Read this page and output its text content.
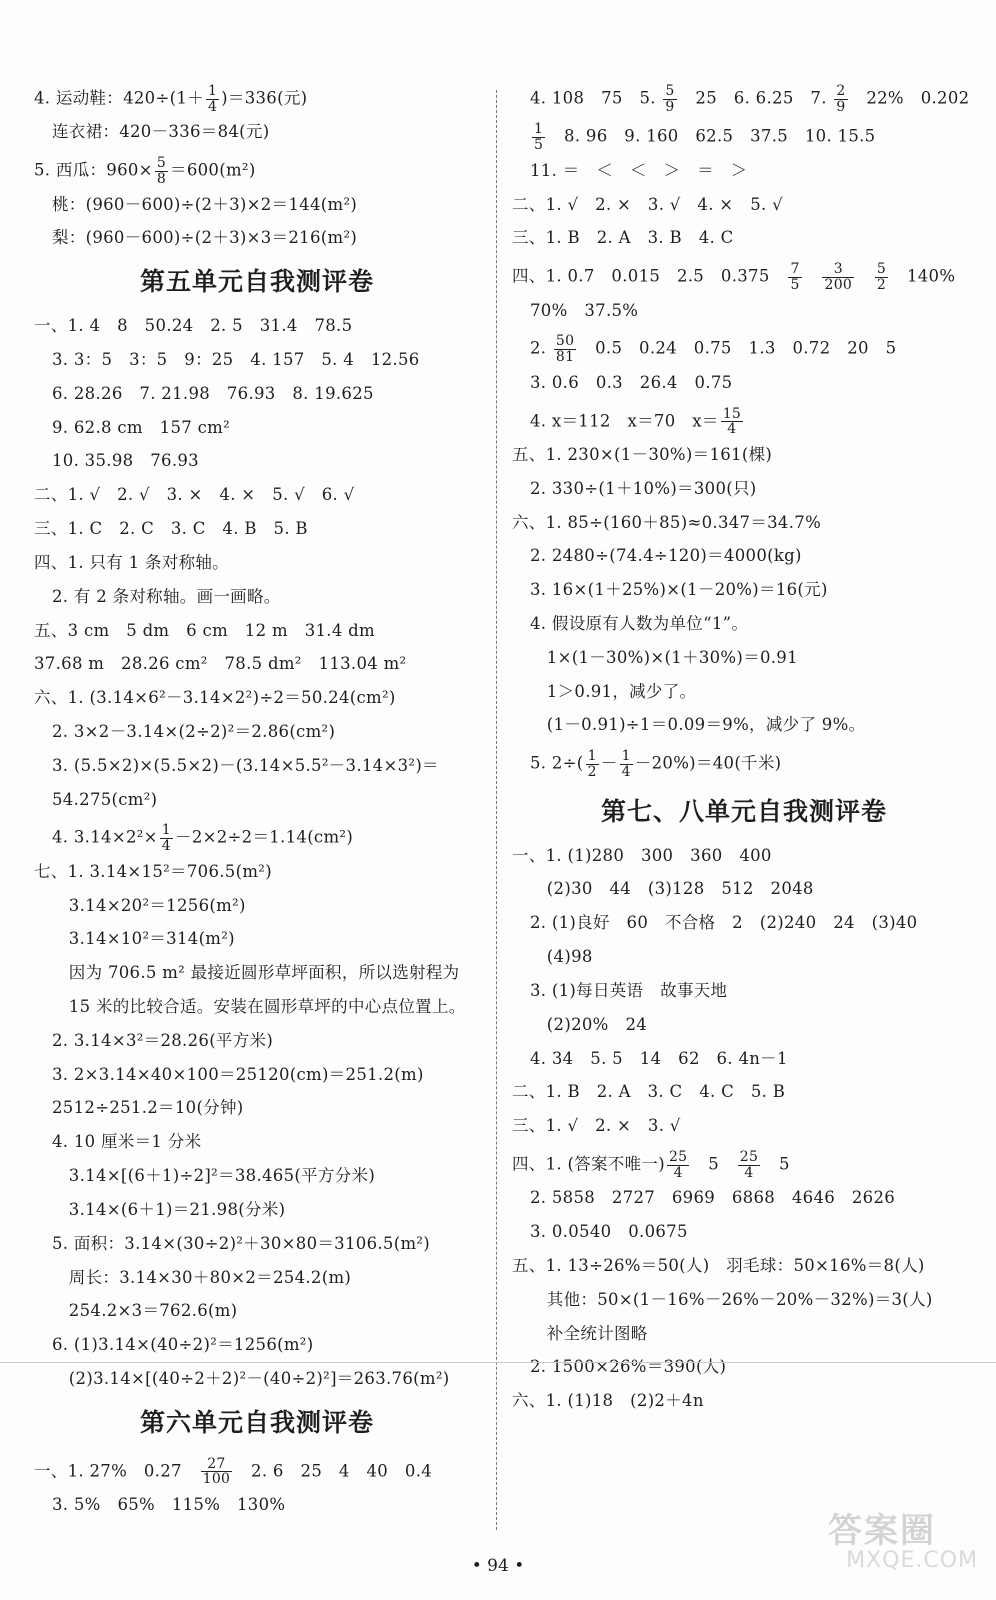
4. 运动鞋：$420\div(1+ \frac{1}{4} )=336$(元)
连衣裙：420－336＝84(元)
5. 西瓜：$960\times \frac{5}{8} =600(m^2)$
桃：(960－600)÷(2＋3)×2＝144(m²)
梨：(960－600)÷(2＋3)×3＝216(m²)
第五单元自我测评卷
一、1. 4　8　50.24　2. 5　31.4　78.5
3. 3：5　3：5　9：25　4. 157　5. 4　12.56
6. 28.26　7. 21.98　76.93　8. 19.625
9. 62.8 cm　157 cm²
10. 35.98　76.93
二、1. √　2. √　3. ×　4. ×　5. √　6. √
三、1. C　2. C　3. C　4. B　5. B
四、1. 只有 1 条对称轴。
2. 有 2 条对称轴。画一画略。
五、3 cm　5 dm　6 cm　12 m　31.4 dm
37.68 m　28.26 cm²　78.5 dm²　113.04 m²
六、1. (3.14×6²－3.14×2²)÷2＝50.24(cm²)
2. 3×2－3.14×(2÷2)²＝2.86(cm²)
3. (5.5×2)×(5.5×2)－(3.14×5.5²－3.14×3²)＝
54.275(cm²)
4. $3.14\times 2^2\times \frac{1}{4} -2\times 2\div 2=1.14(cm^2)$
七、1. 3.14×15²＝706.5(m²)
　3.14×20²＝1256(m²)
　3.14×10²＝314(m²)
　因为 706.5 m² 最接近圆形草坪面积，所以选射程为
　15 米的比较合适。安装在圆形草坪的中心点位置上。
2. 3.14×3²＝28.26(平方米)
3. 2×3.14×40×100＝25120(cm)＝251.2(m)
2512÷251.2＝10(分钟)
4. 10 厘米＝1 分米
　3.14×[(6＋1)÷2]²＝38.465(平方分米)
　3.14×(6＋1)＝21.98(分米)
5. 面积：3.14×(30÷2)²＋30×80＝3106.5(m²)
　周长：3.14×30＋80×2＝254.2(m)
　254.2×3＝762.6(m)
6. (1)3.14×(40÷2)²＝1256(m²)
　(2)3.14×[(40÷2＋2)²－(40÷2)²]＝263.76(m²)
第六单元自我测评卷
一、1. 27%　0.27　 $\frac{27}{100}$ 　2. 6　25　4　40　0.4
3. 5%　65%　115%　130%
4. 108　75　5. $\frac{5}{9}$ 　25　6. 6.25　7. $\frac{2}{9}$ 　22%　0.202
$\frac{1}{5}$ 　8. 96　9. 160　62.5　37.5　10. 15.5
11. ＝　＜　＜　＞　＝　＞
二、1. √　2. ×　3. √　4. ×　5. √
三、1. B　2. A　3. B　4. C
四、1. 0.7　0.015　2.5　0.375　 $\frac{7}{5}$
　 $\frac{3}{200}$
　 $\frac{5}{2}$ 　140%
70%　37.5%
2. $\frac{50}{81}$ 　0.5　0.24　0.75　1.3　0.72　20　5
3. 0.6　0.3　26.4　0.75
4. x＝112　x＝70　$x= \frac{15}{4}$
五、1. 230×(1－30%)＝161(棵)
2. 330÷(1＋10%)＝300(只)
六、1. 85÷(160＋85)≈0.347＝34.7%
2. 2480÷(74.4÷120)＝4000(kg)
3. 16×(1＋25%)×(1－20%)＝16(元)
4. 假设原有人数为单位“1”。
　1×(1－30%)×(1＋30%)＝0.91
　1＞0.91，减少了。
　(1－0.91)÷1＝0.09＝9%，减少了 9%。
5. $2\div( \frac{1}{2} - \frac{1}{4} -20\%)=40$(千米)
第七、八单元自我测评卷
一、1. (1)280　300　360　400
　(2)30　44　(3)128　512　2048
2. (1)良好　60　不合格　2　(2)240　24　(3)40
　(4)98
3. (1)每日英语　故事天地
　(2)20%　24
4. 34　5. 5　14　62　6. 4n－1
二、1. B　2. A　3. C　4. C　5. B
三、1. √　2. ×　3. √
四、1. (答案不唯一) $\frac{25}{4}$ 　5　 $\frac{25}{4}$ 　5
2. 5858　2727　6969　6868　4646　2626
3. 0.0540　0.0675
五、1. 13÷26%＝50(人)　羽毛球：50×16%＝8(人)
　其他：50×(1－16%－26%－20%－32%)＝3(人)
　补全统计图略
2. 1500×26%＝390(人)
六、1. (1)18　(2)2＋4n
• 94 •
答案圈
MXQE.COM
